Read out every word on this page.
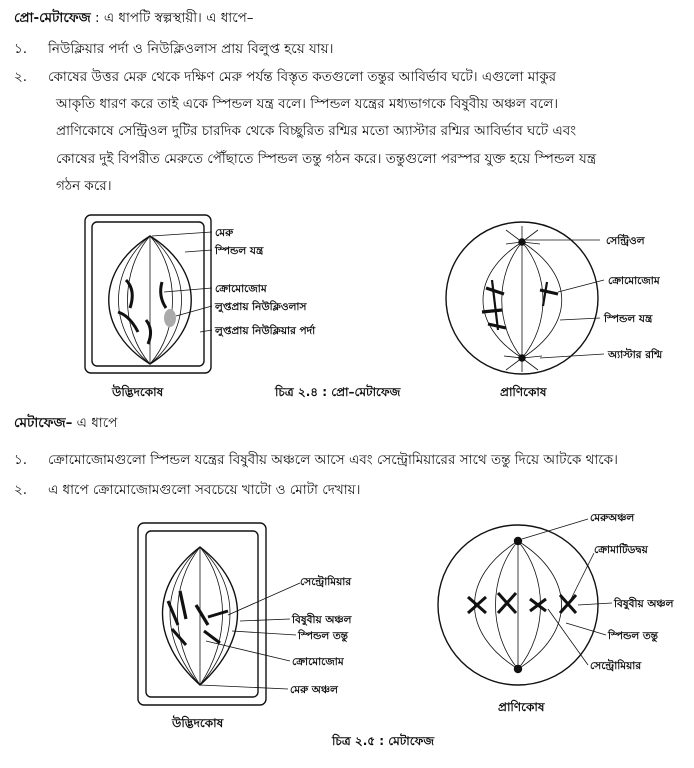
প্রো-মেটাফেজ : এ ধাপটি স্বল্পস্থায়ী। এ ধাপে–
১. নিউক্লিয়ার পর্দা ও নিউক্লিওলাস প্রায় বিলুপ্ত হয়ে যায়।
২. কোষের উত্তর মেরু থেকে দক্ষিণ মেরু পর্যন্ত বিস্তৃত কতগুলো তন্তুর আবির্ভাব ঘটে। এগুলো মাকুর
আকৃতি ধারণ করে তাই একে স্পিন্ডল যন্ত্র বলে। স্পিন্ডল যন্ত্রের মধ্যভাগকে বিষুবীয় অঞ্চল বলে।
প্রাণিকোষে সেন্ট্রিওল দুটির চারদিক থেকে বিচ্ছুরিত রশ্মির মতো অ্যাস্টার রশ্মির আবির্ভাব ঘটে এবং
কোষের দুই বিপরীত মেরুতে পৌঁছাতে স্পিন্ডল তন্তু গঠন করে। তন্তুগুলো পরস্পর যুক্ত হয়ে স্পিন্ডল যন্ত্র
গঠন করে।
মেরু
স্পিন্ডল যন্ত্র
ক্রোমোজোম
লুপ্তপ্রায় নিউক্লিওলাস
লুপ্তপ্রায় নিউক্লিয়ার পর্দা
উদ্ভিদকোষ
সেন্ট্রিওল
ক্রোমোজোম
স্পিন্ডল যন্ত্র
অ্যাস্টার রশ্মি
প্রাণিকোষ
চিত্র ২.৪ : প্রো–মেটাফেজ
মেটাফেজ– এ ধাপে
১. ক্রোমোজোমগুলো স্পিন্ডল যন্ত্রের বিষুবীয় অঞ্চলে আসে এবং সেন্ট্রোমিয়ারের সাথে তন্তু দিয়ে আটকে থাকে।
২. এ ধাপে ক্রোমোজোমগুলো সবচেয়ে খাটো ও মোটা দেখায়।
সেন্ট্রোমিয়ার
বিষুবীয় অঞ্চল
স্পিন্ডল তন্তু
ক্রোমোজোম
মেরু অঞ্চল
উদ্ভিদকোষ
মেরুঅঞ্চল
ক্রোমাটিডদ্বয়
বিষুবীয় অঞ্চল
স্পিন্ডল তন্তু
সেন্ট্রোমিয়ার
প্রাণিকোষ
চিত্র ২.৫ : মেটাফেজ
